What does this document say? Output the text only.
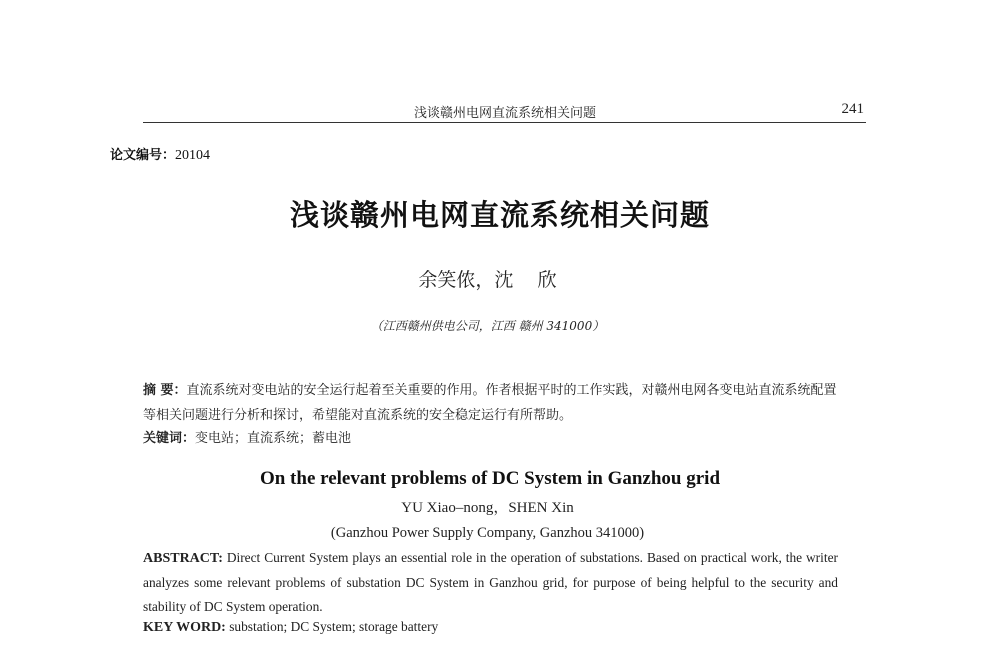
浅谈赣州电网直流系统相关问题	241
论文编号：20104
浅谈赣州电网直流系统相关问题
余笑侬，沈    欣
（江西赣州供电公司，江西 赣州 341000）
摘 要：直流系统对变电站的安全运行起着至关重要的作用。作者根据平时的工作实践，对赣州电网各变电站直流系统配置等相关问题进行分析和探讨，希望能对直流系统的安全稳定运行有所帮助。
关键词：变电站；直流系统；蓄电池
On the relevant problems of DC System in Ganzhou grid
YU Xiao–nong，SHEN Xin
(Ganzhou Power Supply Company, Ganzhou 341000)
ABSTRACT: Direct Current System plays an essential role in the operation of substations. Based on practical work, the writer analyzes some relevant problems of substation DC System in Ganzhou grid, for purpose of being helpful to the security and stability of DC System operation.
KEY WORD: substation; DC System; storage battery
